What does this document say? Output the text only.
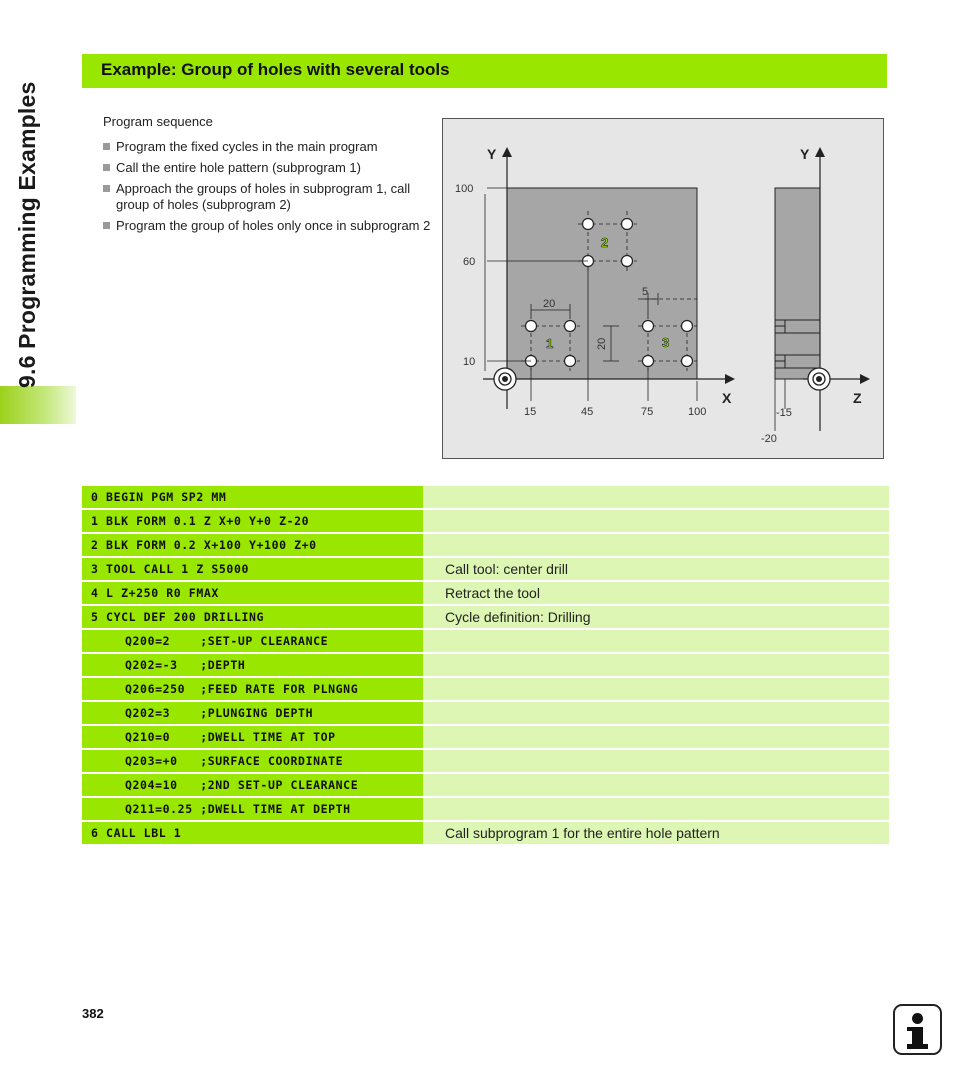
9.6 Programming Examples
Example: Group of holes with several tools
Program sequence
Program the fixed cycles in the main program
Call the entire hole pattern (subprogram 1)
Approach the groups of holes in subprogram 1, call group of holes (subprogram 2)
Program the group of holes only once in subprogram 2
Y	Y
X	Z
100
60
10
15	45	75	100
20
20
5
-15
-20
2
1	3
0 BEGIN PGM SP2 MM
1 BLK FORM 0.1 Z X+0 Y+0 Z-20
2 BLK FORM 0.2 X+100 Y+100 Z+0
3 TOOL CALL 1 Z S5000	Call tool: center drill
4 L Z+250 R0 FMAX	Retract the tool
5 CYCL DEF 200 DRILLING	Cycle definition: Drilling
Q200=2    ;SET-UP CLEARANCE
Q202=-3   ;DEPTH
Q206=250  ;FEED RATE FOR PLNGNG
Q202=3    ;PLUNGING DEPTH
Q210=0    ;DWELL TIME AT TOP
Q203=+0   ;SURFACE COORDINATE
Q204=10   ;2ND SET-UP CLEARANCE
Q211=0.25 ;DWELL TIME AT DEPTH
6 CALL LBL 1	Call subprogram 1 for the entire hole pattern
382
